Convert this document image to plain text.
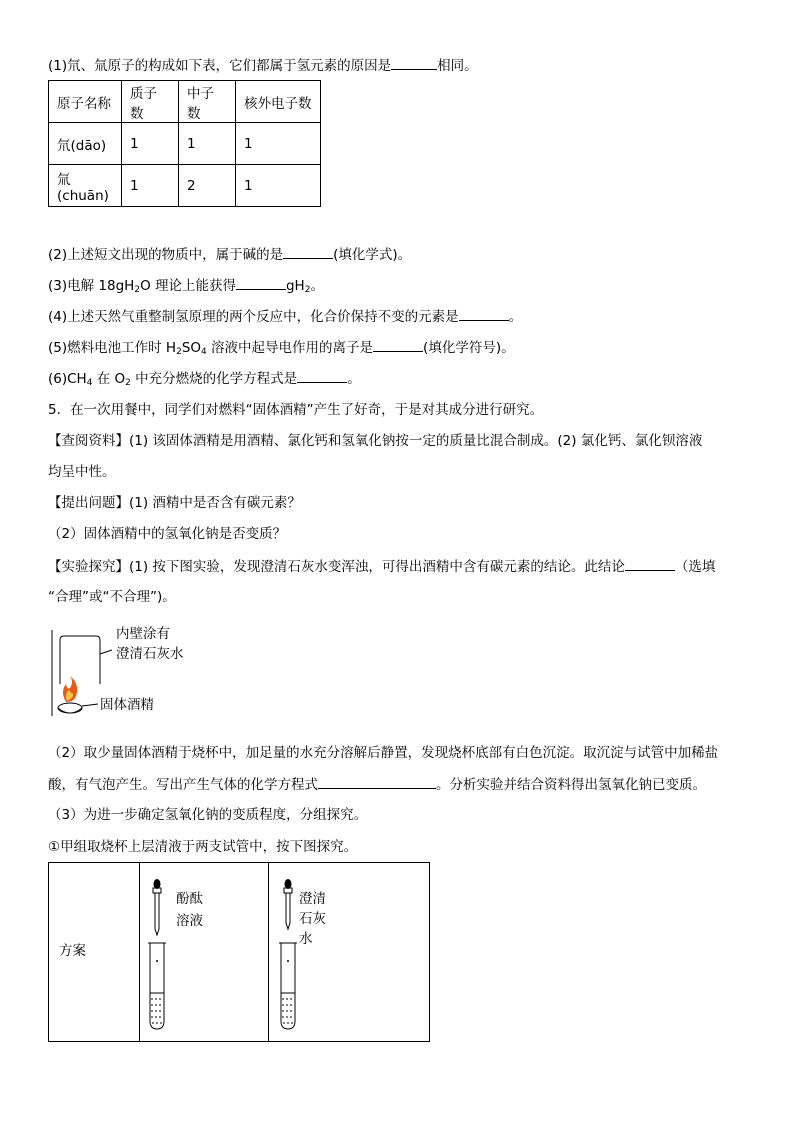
(1)氘、氚原子的构成如下表，它们都属于氢元素的原因是	相同。
原子名称	质子数	中子数	核外电子数
氘(dāo)	1	1	1
氚(chuān)	1	2	1
(2)上述短文出现的物质中，属于碱的是	(填化学式)。
(3)电解 $18gH_2O$ 理论上能获得	$gH_2$。
(4)上述天然气重整制氢原理的两个反应中，化合价保持不变的元素是	。
(5)燃料电池工作时 $H_2SO_4$ 溶液中起导电作用的离子是	(填化学符号)。
$(6)CH_4$ 在 $O_2$ 中充分燃烧的化学方程式是	。
5．在一次用餐中，同学们对燃料“固体酒精”产生了好奇，于是对其成分进行研究。
【查阅资料】(1) 该固体酒精是用酒精、氯化钙和氢氧化钠按一定的质量比混合制成。(2) 氯化钙、氯化钡溶液
均呈中性。
【提出问题】(1) 酒精中是否含有碳元素？
（2）固体酒精中的氢氧化钠是否变质？
【实验探究】(1) 按下图实验，发现澄清石灰水变浑浊，可得出酒精中含有碳元素的结论。此结论	（选填
“合理”或“不合理”)。
内壁涂有
澄清石灰水
固体酒精
（2）取少量固体酒精于烧杯中，加足量的水充分溶解后静置，发现烧杯底部有白色沉淀。取沉淀与试管中加稀盐
酸，有气泡产生。写出产生气体的化学方程式	。分析实验并结合资料得出氢氧化钠已变质。
（3）为进一步确定氢氧化钠的变质程度，分组探究。
①甲组取烧杯上层清液于两支试管中，按下图探究。
方案
酚酞
溶液
澄清
石灰
水
